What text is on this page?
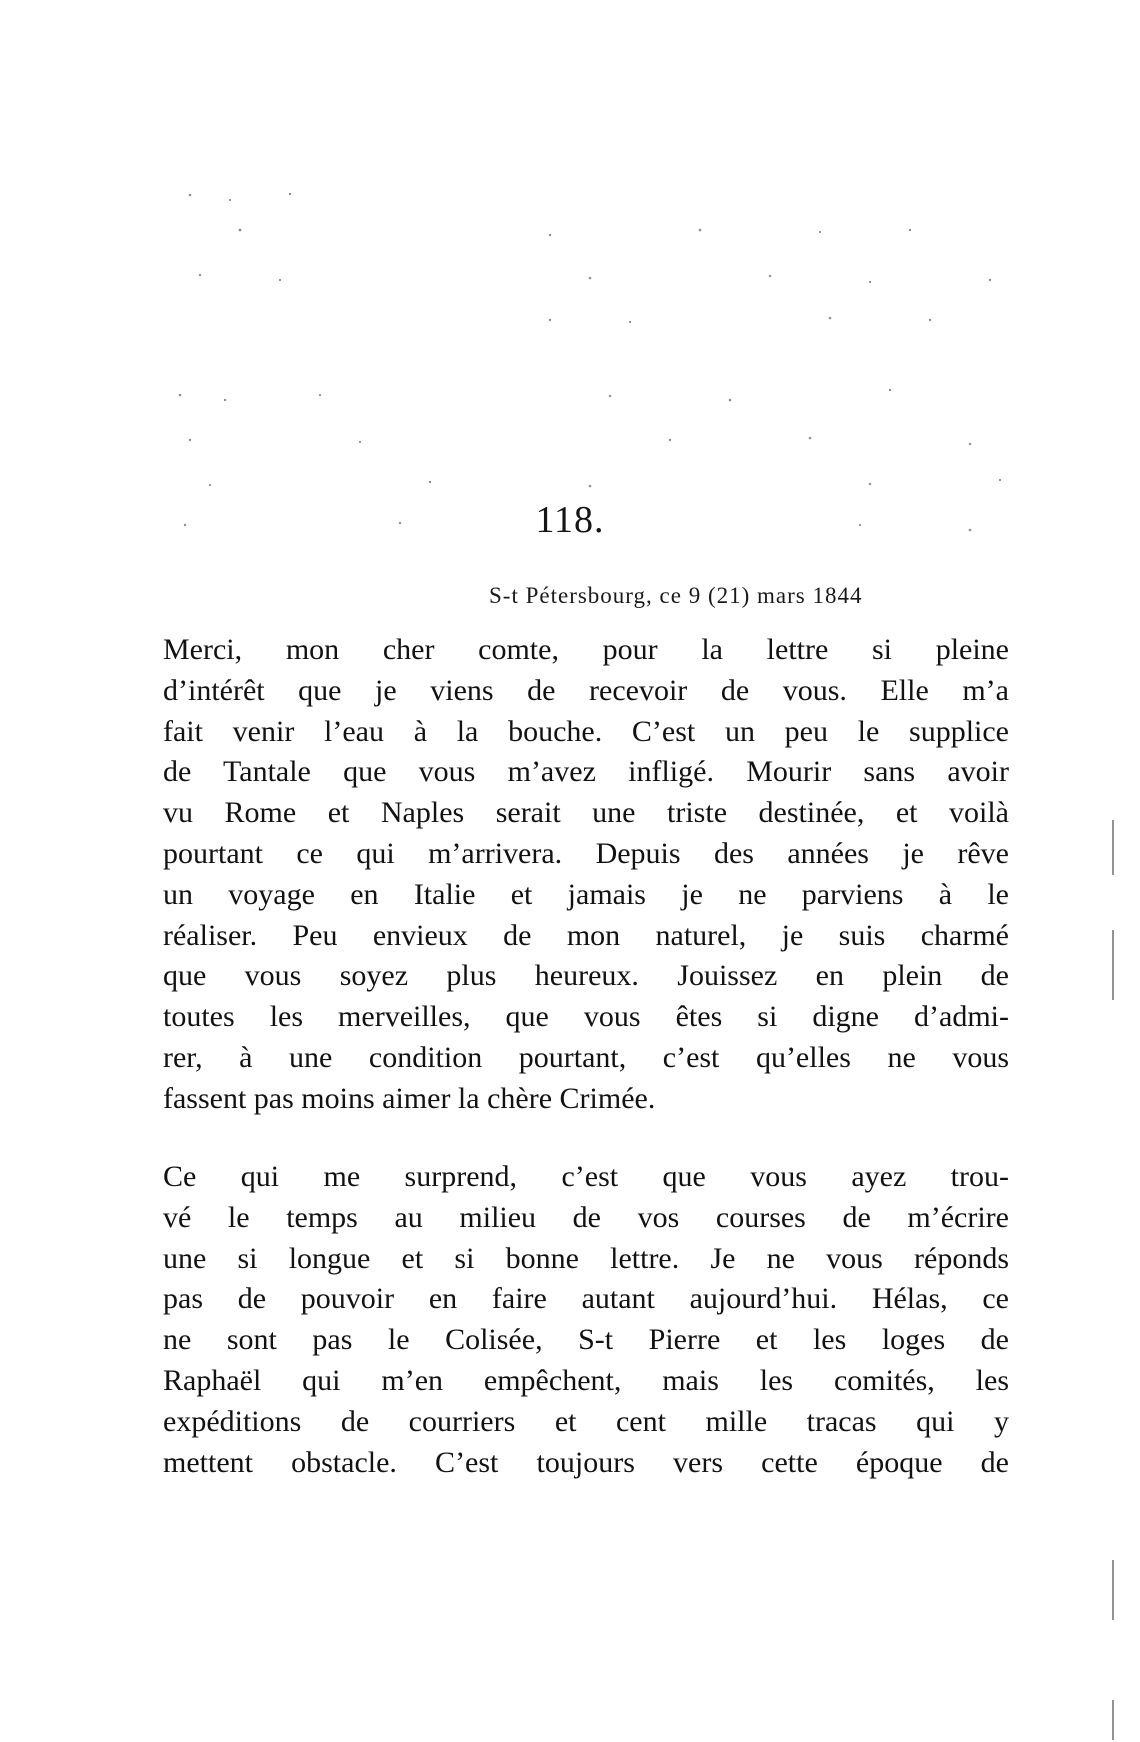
118.
S-t Pétersbourg, ce 9 (21) mars 1844
Merci, mon cher comte, pour la lettre si pleine
d’intérêt que je viens de recevoir de vous. Elle m’a
fait venir l’eau à la bouche. C’est un peu le supplice
de Tantale que vous m’avez infligé. Mourir sans avoir
vu Rome et Naples serait une triste destinée, et voilà
pourtant ce qui m’arrivera. Depuis des années je rêve
un voyage en Italie et jamais je ne parviens à le
réaliser. Peu envieux de mon naturel, je suis charmé
que vous soyez plus heureux. Jouissez en plein de
toutes les merveilles, que vous êtes si digne d’admi-
rer, à une condition pourtant, c’est qu’elles ne vous
fassent pas moins aimer la chère Crimée.
Ce qui me surprend, c’est que vous ayez trou-
vé le temps au milieu de vos courses de m’écrire
une si longue et si bonne lettre. Je ne vous réponds
pas de pouvoir en faire autant aujourd’hui. Hélas, ce
ne sont pas le Colisée, S-t Pierre et les loges de
Raphaël qui m’en empêchent, mais les comités, les
expéditions de courriers et cent mille tracas qui y
mettent obstacle. C’est toujours vers cette époque de
